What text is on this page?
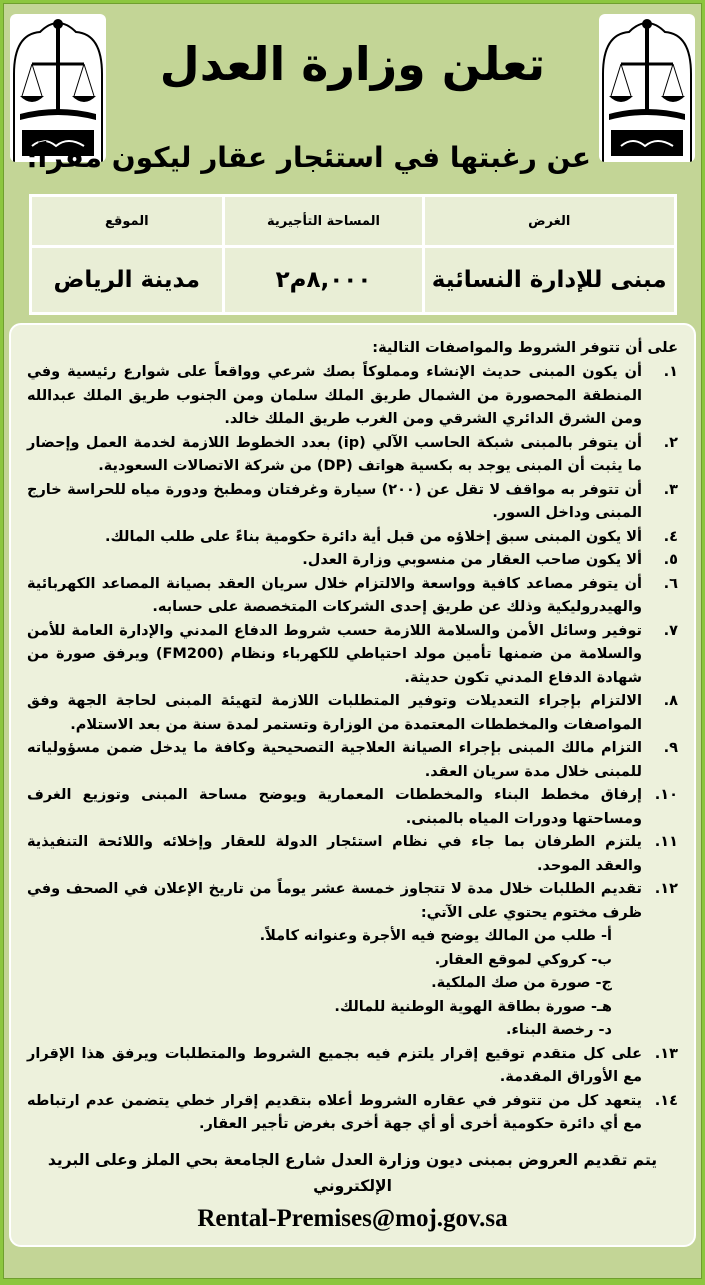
تعلن وزارة العدل
عن رغبتها في استئجار عقار ليكون مقراً:
الغرض	المساحة التأجيرية	الموقع
مبنى للإدارة النسائية	٨,٠٠٠م٢	مدينة الرياض
على أن تتوفر الشروط والمواصفات التالية:
١.
أن يكون المبنى حديث الإنشاء ومملوكاً بصك شرعي وواقعاً على شوارع رئيسية وفي المنطقة المحصورة من الشمال طريق الملك سلمان ومن الجنوب طريق الملك عبدالله ومن الشرق الدائري الشرقي ومن الغرب طريق الملك خالد.
٢.
أن يتوفر بالمبنى شبكة الحاسب الآلي (ip) بعدد الخطوط اللازمة لخدمة العمل وإحضار ما يثبت أن المبنى يوجد به بكسية هواتف (DP) من شركة الاتصالات السعودية.
٣.
أن تتوفر به مواقف لا تقل عن (٢٠٠) سيارة وغرفتان ومطبخ ودورة مياه للحراسة خارج المبنى وداخل السور.
٤.
ألا يكون المبنى سبق إخلاؤه من قبل أية دائرة حكومية بناءً على طلب المالك.
٥.
ألا يكون صاحب العقار من منسوبي وزارة العدل.
٦.
أن يتوفر مصاعد كافية وواسعة والالتزام خلال سريان العقد بصيانة المصاعد الكهربائية والهيدروليكية وذلك عن طريق إحدى الشركات المتخصصة على حسابه.
٧.
توفير وسائل الأمن والسلامة اللازمة حسب شروط الدفاع المدني والإدارة العامة للأمن والسلامة من ضمنها تأمين مولد احتياطي للكهرباء ونظام (FM200) ويرفق صورة من شهادة الدفاع المدني تكون حديثة.
٨.
الالتزام بإجراء التعديلات وتوفير المتطلبات اللازمة لتهيئة المبنى لحاجة الجهة وفق المواصفات والمخططات المعتمدة من الوزارة وتستمر لمدة سنة من بعد الاستلام.
٩.
التزام مالك المبنى بإجراء الصيانة العلاجية التصحيحية وكافة ما يدخل ضمن مسؤولياته للمبنى خلال مدة سريان العقد.
١٠.
إرفاق مخطط البناء والمخططات المعمارية ويوضح مساحة المبنى وتوزيع الغرف ومساحتها ودورات المياه بالمبنى.
١١.
يلتزم الطرفان بما جاء في نظام استئجار الدولة للعقار وإخلائه واللائحة التنفيذية والعقد الموحد.
١٢.
تقديم الطلبات خلال مدة لا تتجاوز خمسة عشر يوماً من تاريخ الإعلان في الصحف وفي ظرف مختوم يحتوي على الآتي:
أ- طلب من المالك يوضح فيه الأجرة وعنوانه كاملاً.
ب- كروكي لموقع العقار.
ج- صورة من صك الملكية.
هـ- صورة بطاقة الهوية الوطنية للمالك.
د- رخصة البناء.
١٣.
على كل متقدم توقيع إقرار يلتزم فيه بجميع الشروط والمتطلبات ويرفق هذا الإقرار مع الأوراق المقدمة.
١٤.
يتعهد كل من تتوفر في عقاره الشروط أعلاه بتقديم إقرار خطي يتضمن عدم ارتباطه مع أي دائرة حكومية أخرى أو أي جهة أخرى بغرض تأجير العقار.
يتم تقديم العروض بمبنى ديون وزارة العدل شارع الجامعة بحي الملز وعلى البريد الإلكتروني
Rental-Premises@moj.gov.sa
